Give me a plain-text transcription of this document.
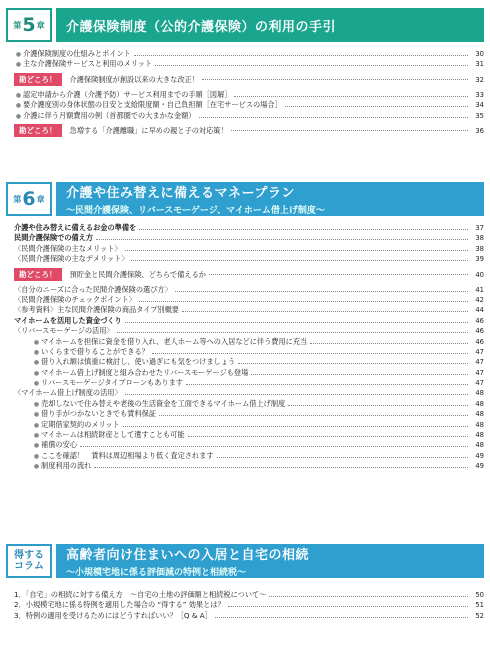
第 5 章 介護保険制度（公的介護保険）の利用の手引
● 介護保険制度の仕組みとポイント	30
● 主な介護保険サービスと利用のメリット	31
勘どころ！	介護保険制度が創設以来の大きな改正！	32
● 認定申請から介護（介護予防）サービス利用までの手順［図解］	33
● 要介護度別の身体状態の目安と支給限度額・自己負担額［在宅サービスの場合］	34
● 介護に伴う月額費用の例（首都圏での大まかな金額）	35
勘どころ！	急増する「介護離職」に早めの親と子の対応策！	36
第 6 章 介護や住み替えに備えるマネープラン
〜民間介護保険、リバースモーゲージ、マイホーム借上げ制度〜
介護や住み替えに備えるお金の準備を	37
民間介護保険での備え方	38
〈民間介護保険の主なメリット〉	38
〈民間介護保険の主なデメリット〉	39
勘どころ！	預貯金と民間介護保険、どちらで備えるか	40
〈自分のニーズに合った民間介護保険の選び方〉	41
〈民間介護保険のチェックポイント〉	42
〈参考資料〉主な民間介護保険の商品タイプ別概要	44
マイホームを活用した資金づくり	46
〈リバースモーゲージの活用〉	46
● マイホームを担保に資金を借り入れ、老人ホーム等への入居などに伴う費用に充当	46
● いくらまで借りることができる？	47
● 借り入れ額は慎重に検討し、使い過ぎにも気をつけましょう	47
● マイホーム借上げ制度と組み合わせたリバースモーゲージも登場	47
● リバースモーゲージタイプローンもあります	47
〈マイホーム借上げ制度の活用〉	48
● 売却しないで住み替えや老後の生活資金を工面できるマイホーム借上げ制度	48
● 借り手がつかないときでも賃料保証	48
● 定期借家契約のメリット	48
● マイホームは相続財産として遺すことも可能	48
● 補償の安心	48
● ここを確認！　賃料は周辺相場より低く査定されます	49
● 制度利用の流れ	49
得する
コラム
高齢者向け住まいへの入居と自宅の相続
〜小規模宅地に係る評価減の特例と相続税〜
1．「自宅」の相続に対する備え方　〜自宅の土地の評価額と相続税について〜	50
2．小規模宅地に係る特例を適用した場合の “得する” 効果とは？	51
3．特例の適用を受けるためにはどうすればいい？［Q & A］	52
